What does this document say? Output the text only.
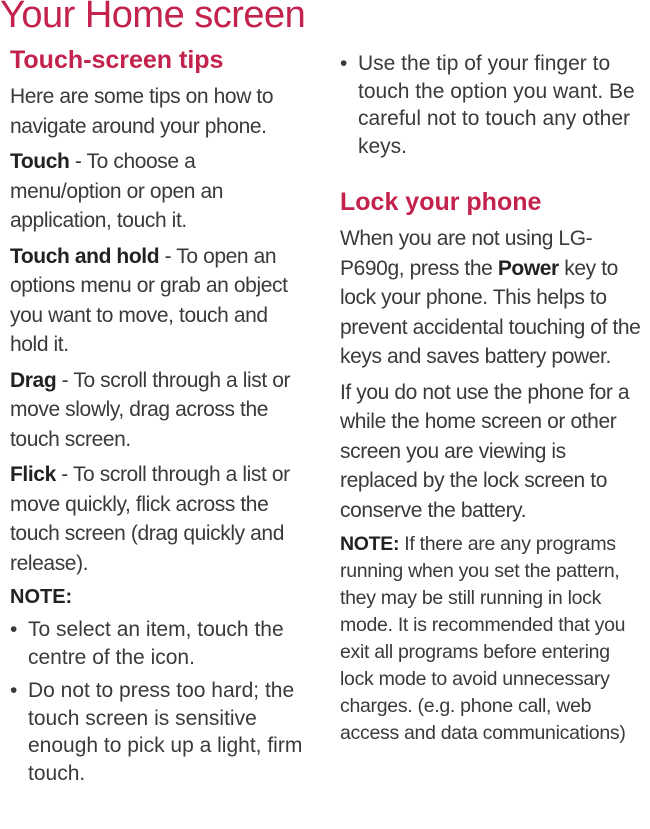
Your Home screen
Touch-screen tips

Here are some tips on how to navigate around your phone.

Touch - To choose a menu/option or open an application, touch it.

Touch and hold - To open an options menu or grab an object you want to move, touch and hold it.

Drag - To scroll through a list or move slowly, drag across the touch screen.

Flick - To scroll through a list or move quickly, flick across the touch screen (drag quickly and release).

NOTE:
• To select an item, touch the centre of the icon.
• Do not to press too hard; the touch screen is sensitive enough to pick up a light, firm touch.
• Use the tip of your finger to touch the option you want. Be careful not to touch any other keys.
Lock your phone

When you are not using LG-P690g, press the Power key to lock your phone. This helps to prevent accidental touching of the keys and saves battery power.

If you do not use the phone for a while the home screen or other screen you are viewing is replaced by the lock screen to conserve the battery.

NOTE: If there are any programs running when you set the pattern, they may be still running in lock mode. It is recommended that you exit all programs before entering lock mode to avoid unnecessary charges. (e.g. phone call, web access and data communications)
